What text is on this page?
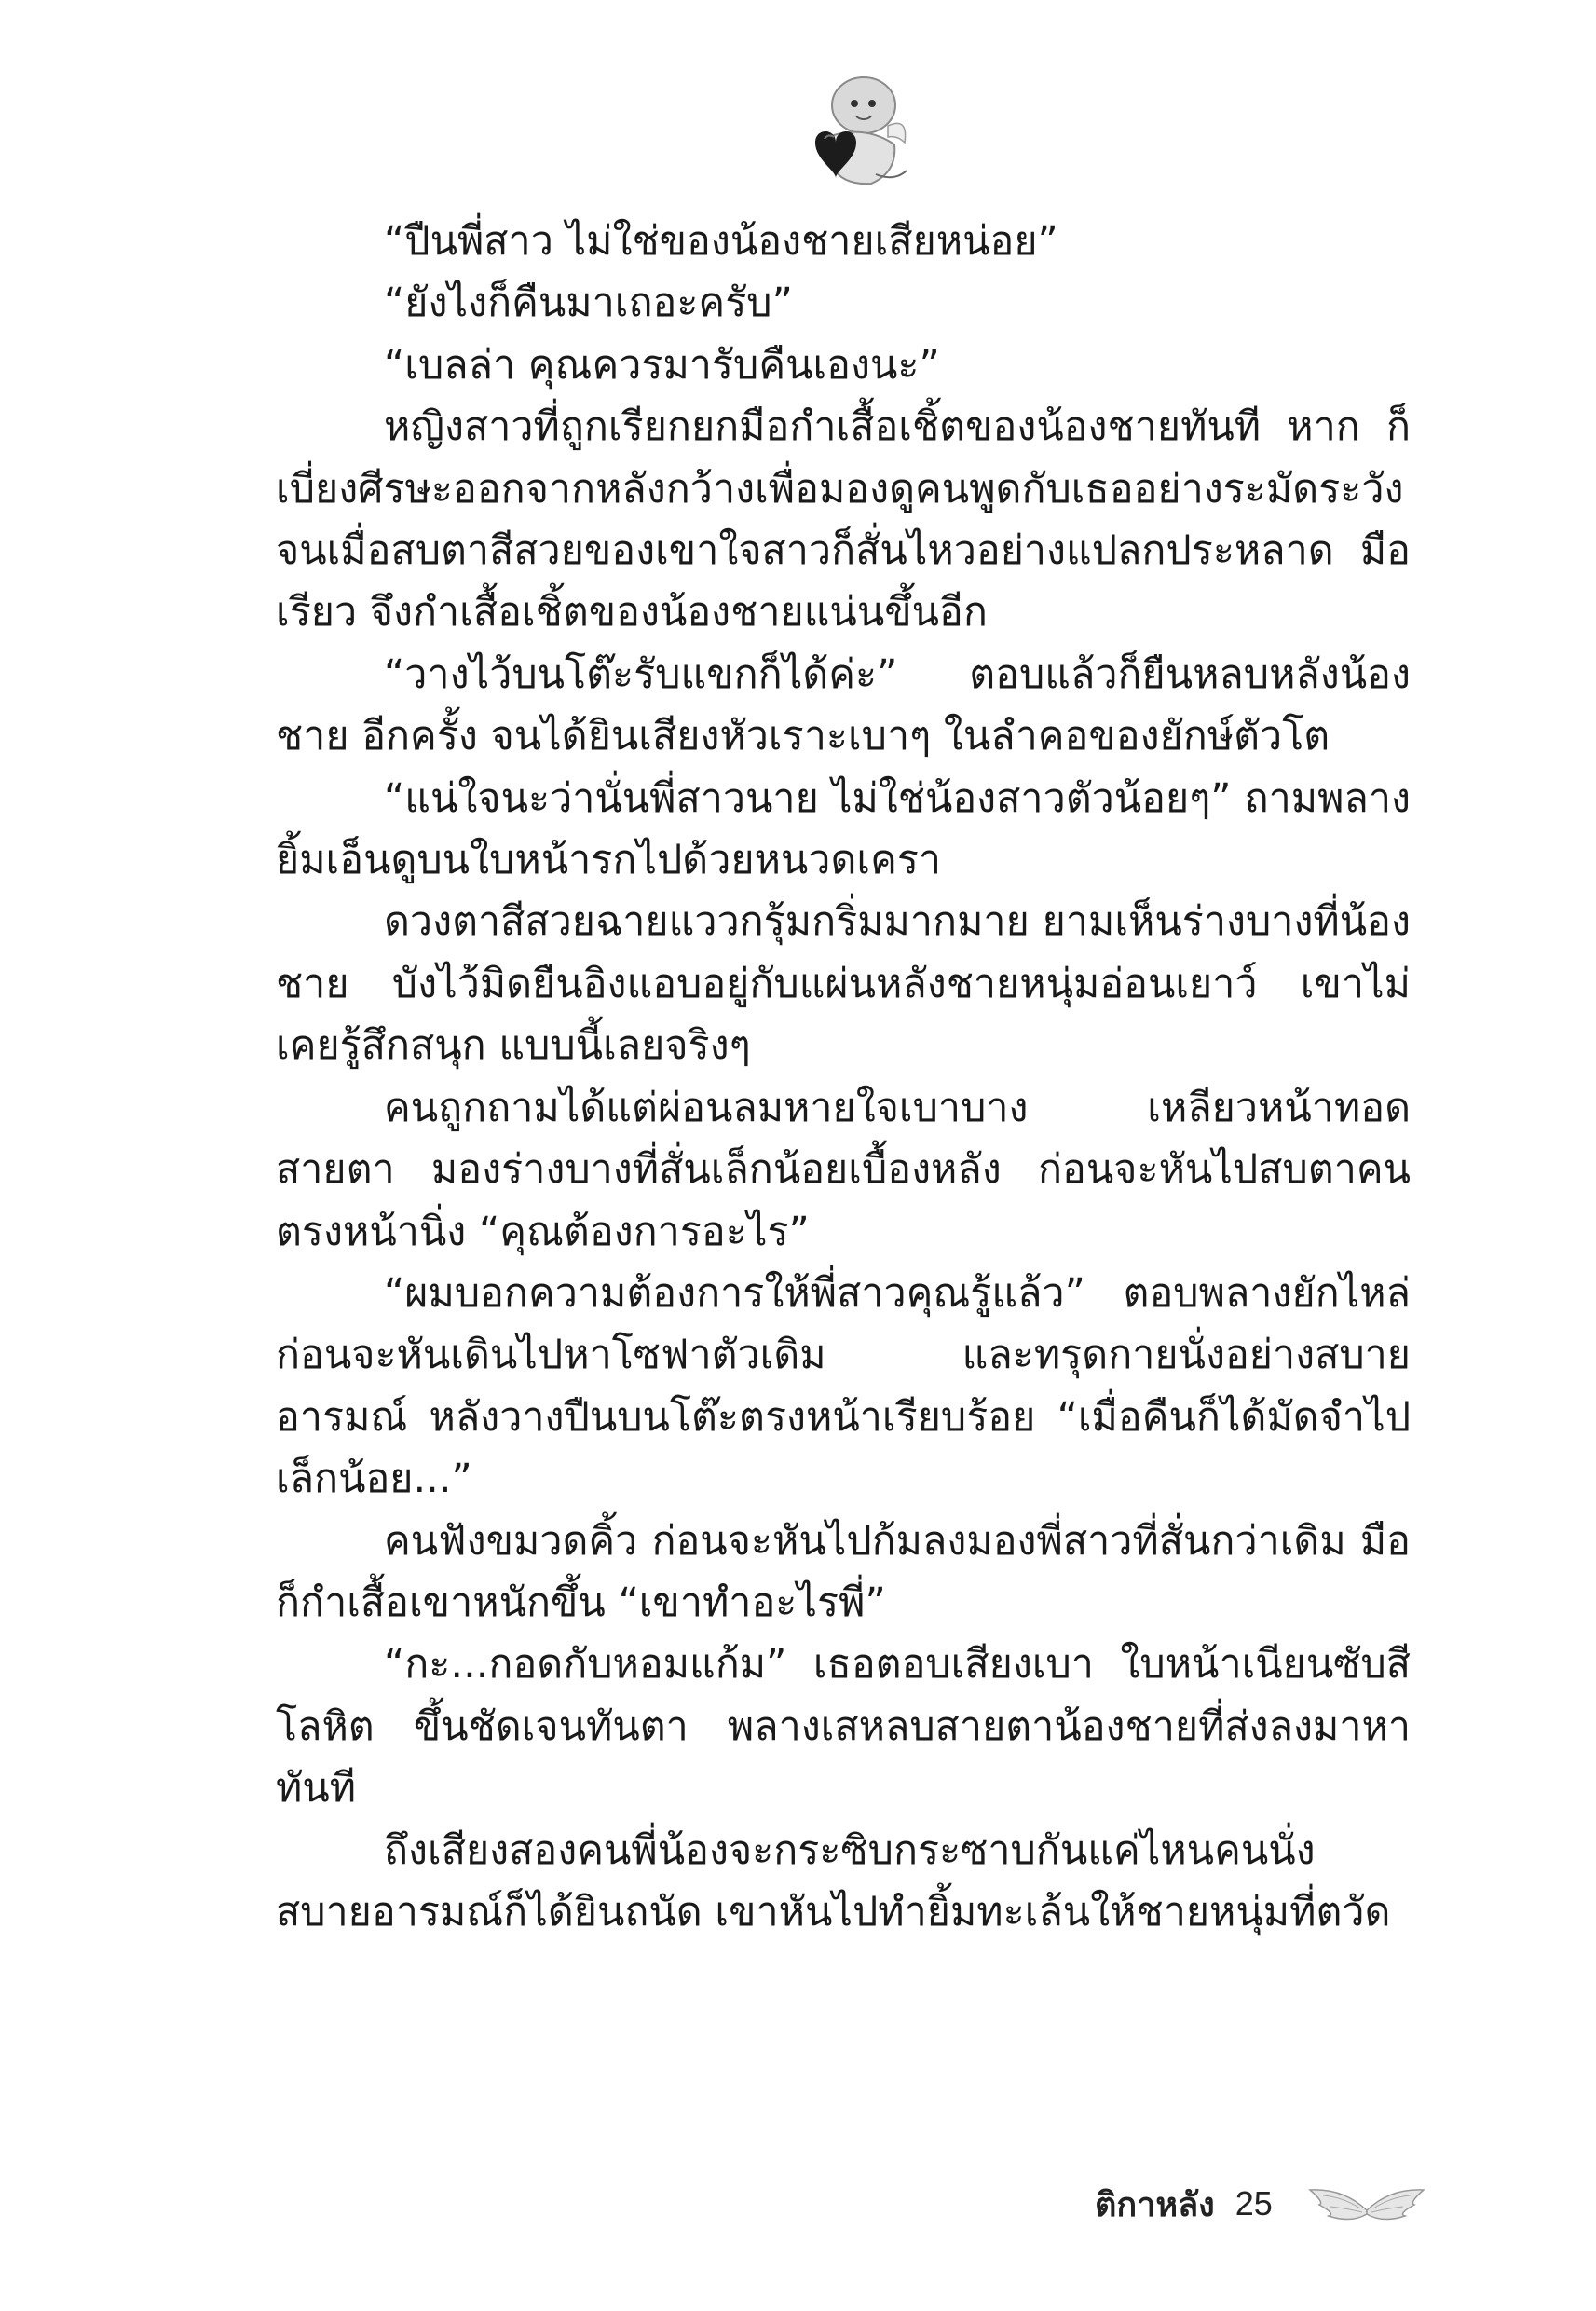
“ปืนพี่สาว ไม่ใช่ของน้องชายเสียหน่อย”

“ยังไงก็คืนมาเถอะครับ”

“เบลล่า คุณควรมารับคืนเองนะ”

หญิงสาวที่ถูกเรียกยกมือกำเสื้อเชิ้ตของน้องชายทันที หาก ก็เบี่ยงศีรษะออกจากหลังกว้างเพื่อมองดูคนพูดกับเธออย่างระมัดระวัง จนเมื่อสบตาสีสวยของเขาใจสาวก็สั่นไหวอย่างแปลกประหลาด มือเรียว จึงกำเสื้อเชิ้ตของน้องชายแน่นขึ้นอีก

“วางไว้บนโต๊ะรับแขกก็ได้ค่ะ” ตอบแล้วก็ยืนหลบหลังน้องชาย อีกครั้ง จนได้ยินเสียงหัวเราะเบาๆ ในลำคอของยักษ์ตัวโต

“แน่ใจนะว่านั่นพี่สาวนาย ไม่ใช่น้องสาวตัวน้อยๆ” ถามพลาง ยิ้มเอ็นดูบนใบหน้ารกไปด้วยหนวดเครา

ดวงตาสีสวยฉายแววกรุ้มกริ่มมากมาย ยามเห็นร่างบางที่น้องชาย บังไว้มิดยืนอิงแอบอยู่กับแผ่นหลังชายหนุ่มอ่อนเยาว์ เขาไม่เคยรู้สึกสนุก แบบนี้เลยจริงๆ

คนถูกถามได้แต่ผ่อนลมหายใจเบาบาง เหลียวหน้าทอดสายตา มองร่างบางที่สั่นเล็กน้อยเบื้องหลัง ก่อนจะหันไปสบตาคนตรงหน้านิ่ง “คุณต้องการอะไร”

“ผมบอกความต้องการให้พี่สาวคุณรู้แล้ว” ตอบพลางยักไหล่ ก่อนจะหันเดินไปหาโซฟาตัวเดิม และทรุดกายนั่งอย่างสบายอารมณ์ หลังวางปืนบนโต๊ะตรงหน้าเรียบร้อย “เมื่อคืนก็ได้มัดจำไปเล็กน้อย...”

คนฟังขมวดคิ้ว ก่อนจะหันไปก้มลงมองพี่สาวที่สั่นกว่าเดิม มือ ก็กำเสื้อเขาหนักขึ้น “เขาทำอะไรพี่”

“กะ...กอดกับหอมแก้ม” เธอตอบเสียงเบา ใบหน้าเนียนซับสีโลหิต ขึ้นชัดเจนทันตา พลางเสหลบสายตาน้องชายที่ส่งลงมาหาทันที

ถึงเสียงสองคนพี่น้องจะกระซิบกระซาบกันแค่ไหนคนนั่ง สบายอารมณ์ก็ได้ยินถนัด เขาหันไปทำยิ้มทะเล้นให้ชายหนุ่มที่ตวัด

ติกาหลัง 25
